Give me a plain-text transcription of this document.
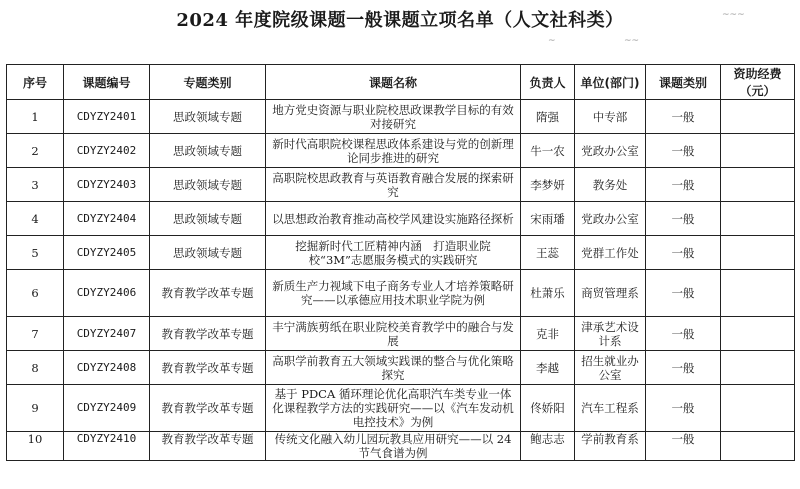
2024 年度院级课题一般课题立项名单（人文社科类）	~~~
~	~~
序号	课题编号	专题类别	课题名称	负责人	单位(部门)	课题类别	资助经费（元）
1	CDYZY2401	思政领域专题	地方党史资源与职业院校思政课教学目标的有效对接研究	隋强	中专部	一般	
2	CDYZY2402	思政领域专题	新时代高职院校课程思政体系建设与党的创新理论同步推进的研究	牛一农	党政办公室	一般	
3	CDYZY2403	思政领域专题	高职院校思政教育与英语教育融合发展的探索研究	李梦妍	教务处	一般	
4	CDYZY2404	思政领域专题	以思想政治教育推动高校学风建设实施路径探析	宋雨璠	党政办公室	一般	
5	CDYZY2405	思政领域专题	挖掘新时代工匠精神内涵　打造职业院校“3M”志愿服务模式的实践研究	王蕊	党群工作处	一般	
6	CDYZY2406	教育教学改革专题	新质生产力视域下电子商务专业人才培养策略研究——以承德应用技术职业学院为例	杜萧乐	商贸管理系	一般	
7	CDYZY2407	教育教学改革专题	丰宁满族剪纸在职业院校美育教学中的融合与发展	克非	津承艺术设计系	一般	
8	CDYZY2408	教育教学改革专题	高职学前教育五大领域实践课的整合与优化策略探究	李越	招生就业办公室	一般	
9	CDYZY2409	教育教学改革专题	基于 PDCA 循环理论优化高职汽车类专业一体化课程教学方法的实践研究——以《汽车发动机电控技术》为例	佟娇阳	汽车工程系	一般	
10	CDYZY2410	教育教学改革专题	传统文化融入幼儿园玩教具应用研究——以 24 节气食谱为例	鲍志志	学前教育系	一般	
